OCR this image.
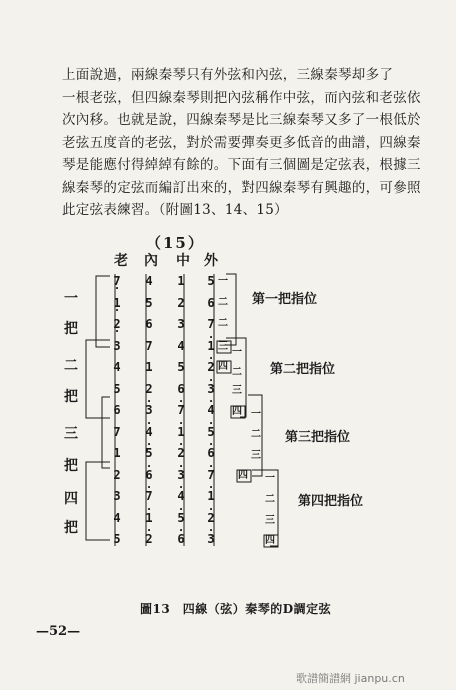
上面說過，兩線秦琴只有外弦和內弦，三線秦琴却多了
一根老弦，但四線秦琴則把內弦稱作中弦，而內弦和老弦依
次內移。也就是說，四線秦琴是比三線秦琴又多了一根低於
老弦五度音的老弦，對於需要彈奏更多低音的曲譜，四線秦
琴是能應付得綽綽有餘的。下面有三個圖是定弦表，根據三
線秦琴的定弦而編訂出來的，對四線秦琴有興趣的，可參照
此定弦表練習。（附圖13、14、15）
（15）
老 內 中 外
一
把
二
把
三
把
四
把
7 · 4 1 5
1 · 5 2 6
2 · 6 3 7
3 7 4 · 1
4 1 5 · 2
5 2 6 · 3
6 · 3 · 7 · 4
7 · 4 · 1 · 5
1 · 5 · 2 · 6
2 · 6 · 3 · 7
3 · 7 · 4 · 1
4 · 1 · 5 · 2
5 · 2 · 6 · 3
一
二
二
三
一
四
二
三
四 一
二
三
四 一
二
三
四
第一把指位
第二把指位
第三把指位
第四把指位
圖13　四線（弦）秦琴的D調定弦
—52—
歌譜簡譜網 jianpu.cn
